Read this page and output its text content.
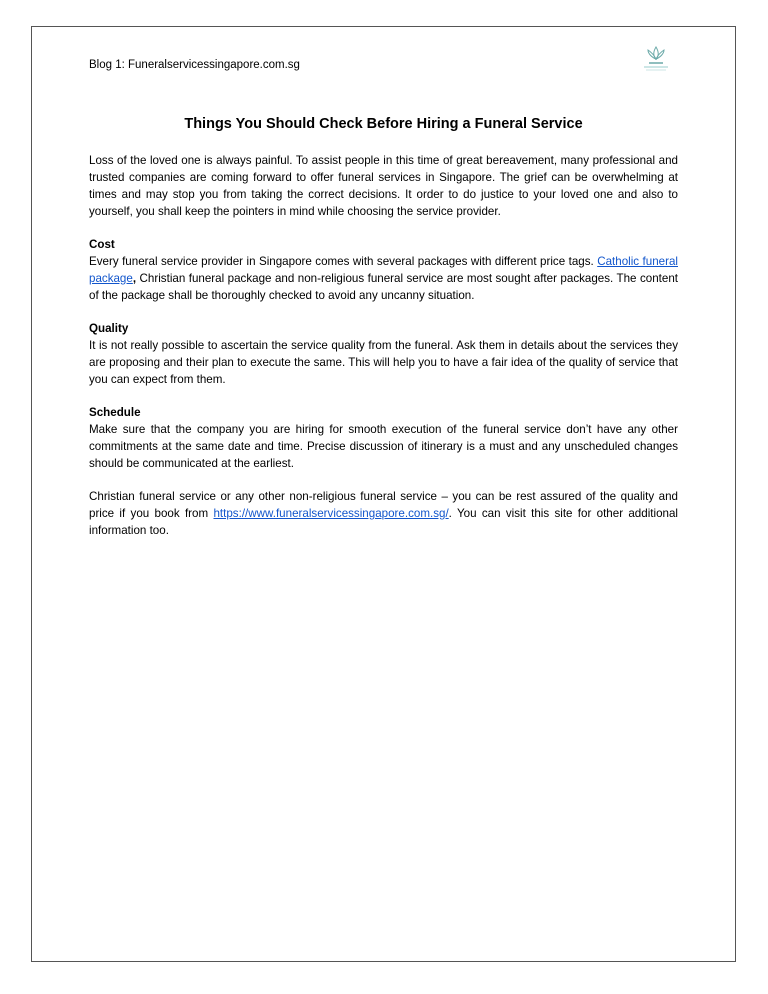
Blog 1: Funeralservicessingapore.com.sg
Things You Should Check Before Hiring a Funeral Service

Loss of the loved one is always painful. To assist people in this time of great bereavement, many professional and trusted companies are coming forward to offer funeral services in Singapore. The grief can be overwhelming at times and may stop you from taking the correct decisions. It order to do justice to your loved one and also to yourself, you shall keep the pointers in mind while choosing the service provider.

Cost
Every funeral service provider in Singapore comes with several packages with different price tags. Catholic funeral package, Christian funeral package and non-religious funeral service are most sought after packages. The content of the package shall be thoroughly checked to avoid any uncanny situation.

Quality
It is not really possible to ascertain the service quality from the funeral. Ask them in details about the services they are proposing and their plan to execute the same. This will help you to have a fair idea of the quality of service that you can expect from them.

Schedule
Make sure that the company you are hiring for smooth execution of the funeral service don’t have any other commitments at the same date and time. Precise discussion of itinerary is a must and any unscheduled changes should be communicated at the earliest.

Christian funeral service or any other non-religious funeral service – you can be rest assured of the quality and price if you book from https://www.funeralservicessingapore.com.sg/. You can visit this site for other additional information too.
